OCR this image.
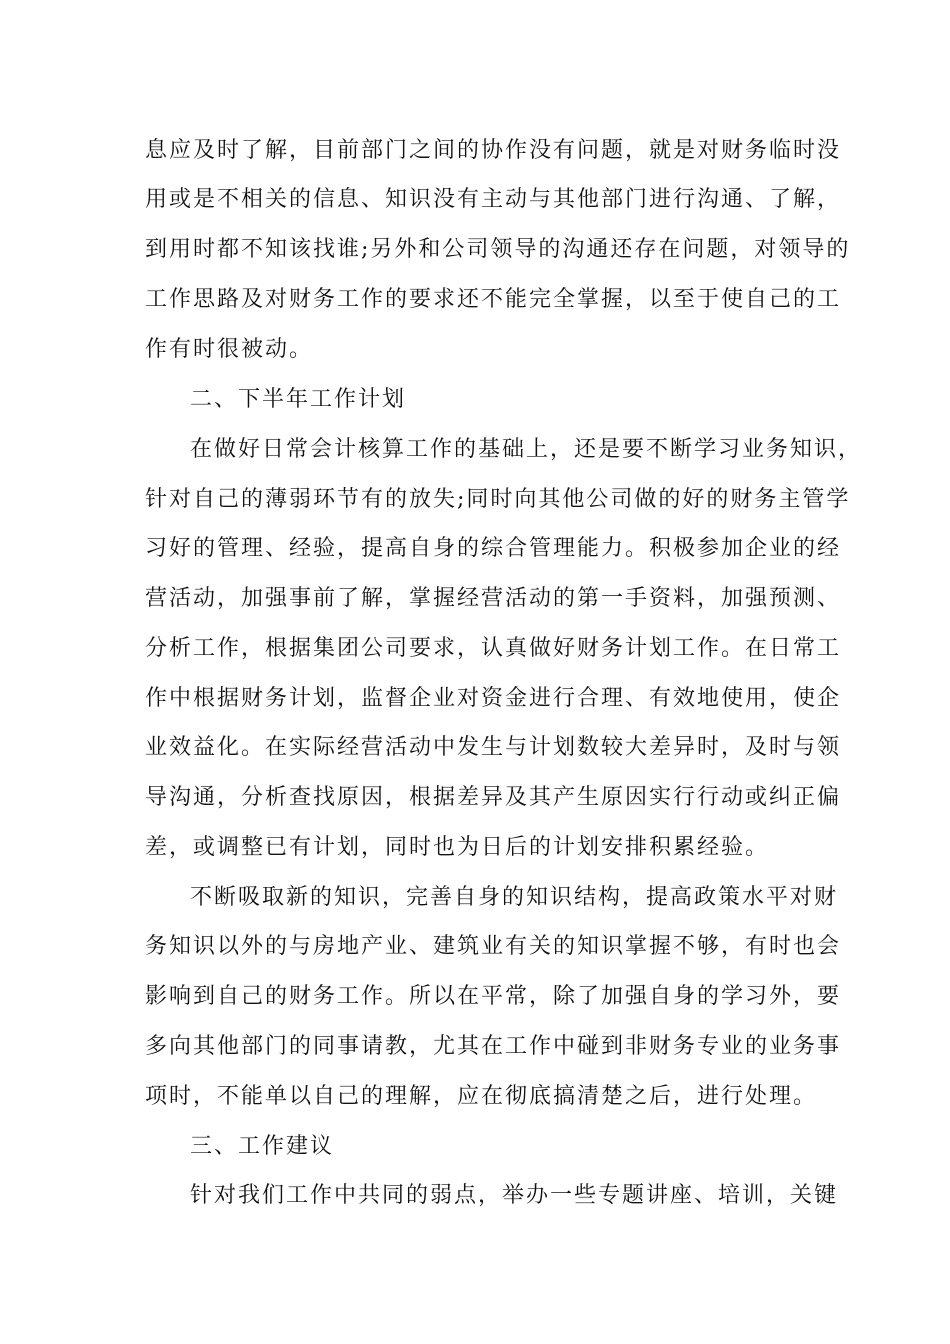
息应及时了解，目前部门之间的协作没有问题，就是对财务临时没
用或是不相关的信息、知识没有主动与其他部门进行沟通、了解，
到用时都不知该找谁;另外和公司领导的沟通还存在问题，对领导的
工作思路及对财务工作的要求还不能完全掌握，以至于使自己的工
作有时很被动。
二、下半年工作计划
在做好日常会计核算工作的基础上，还是要不断学习业务知识，
针对自己的薄弱环节有的放失;同时向其他公司做的好的财务主管学
习好的管理、经验，提高自身的综合管理能力。积极参加企业的经
营活动，加强事前了解，掌握经营活动的第一手资料，加强预测、
分析工作，根据集团公司要求，认真做好财务计划工作。在日常工
作中根据财务计划，监督企业对资金进行合理、有效地使用，使企
业效益化。在实际经营活动中发生与计划数较大差异时，及时与领
导沟通，分析查找原因，根据差异及其产生原因实行行动或纠正偏
差，或调整已有计划，同时也为日后的计划安排积累经验。
不断吸取新的知识，完善自身的知识结构，提高政策水平对财
务知识以外的与房地产业、建筑业有关的知识掌握不够，有时也会
影响到自己的财务工作。所以在平常，除了加强自身的学习外，要
多向其他部门的同事请教，尤其在工作中碰到非财务专业的业务事
项时，不能单以自己的理解，应在彻底搞清楚之后，进行处理。
三、工作建议
针对我们工作中共同的弱点，举办一些专题讲座、培训，关键
